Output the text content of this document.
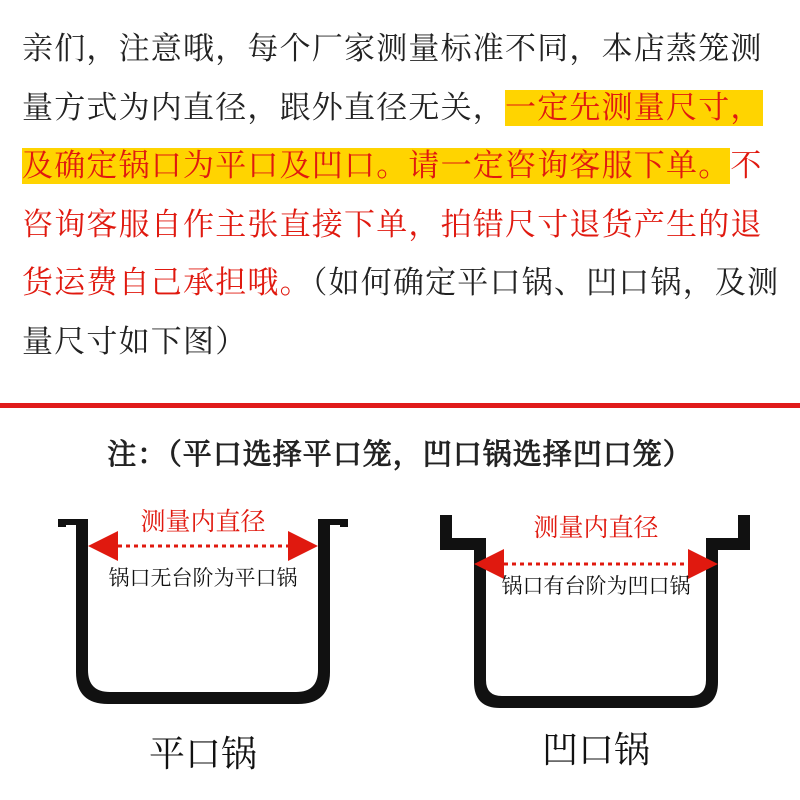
亲们，注意哦，每个厂家测量标准不同，本店蒸笼测量方式为内直径，跟外直径无关，一定先测量尺寸，及确定锅口为平口及凹口。请一定咨询客服下单。不咨询客服自作主张直接下单，拍错尺寸退货产生的退货运费自己承担哦。（如何确定平口锅、凹口锅，及测量尺寸如下图）
注：（平口选择平口笼，凹口锅选择凹口笼）
测量内直径
锅口无台阶为平口锅
平口锅
测量内直径
锅口有台阶为凹口锅
凹口锅
